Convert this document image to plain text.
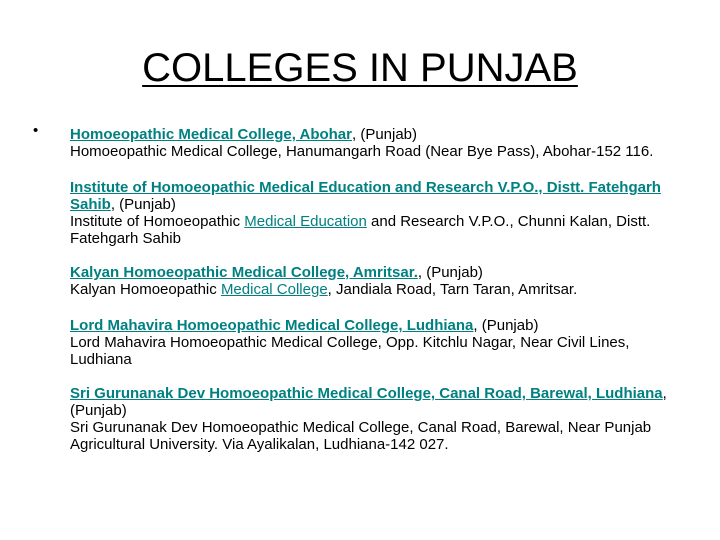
COLLEGES IN PUNJAB
• Homoeopathic Medical College, Abohar, (Punjab)
Homoeopathic Medical College, Hanumangarh Road (Near Bye Pass), Abohar-152 116.
Institute of Homoeopathic Medical Education and Research V.P.O., Distt. Fatehgarh Sahib, (Punjab)
Institute of Homoeopathic Medical Education and Research V.P.O., Chunni Kalan, Distt. Fatehgarh Sahib
Kalyan Homoeopathic Medical College, Amritsar., (Punjab)
Kalyan Homoeopathic Medical College, Jandiala Road, Tarn Taran, Amritsar.
Lord Mahavira Homoeopathic Medical College, Ludhiana, (Punjab)
Lord Mahavira Homoeopathic Medical College, Opp. Kitchlu Nagar, Near Civil Lines, Ludhiana
Sri Gurunanak Dev Homoeopathic Medical College, Canal Road, Barewal, Ludhiana, (Punjab)
Sri Gurunanak Dev Homoeopathic Medical College, Canal Road, Barewal, Near Punjab Agricultural University. Via Ayalikalan, Ludhiana-142 027.
